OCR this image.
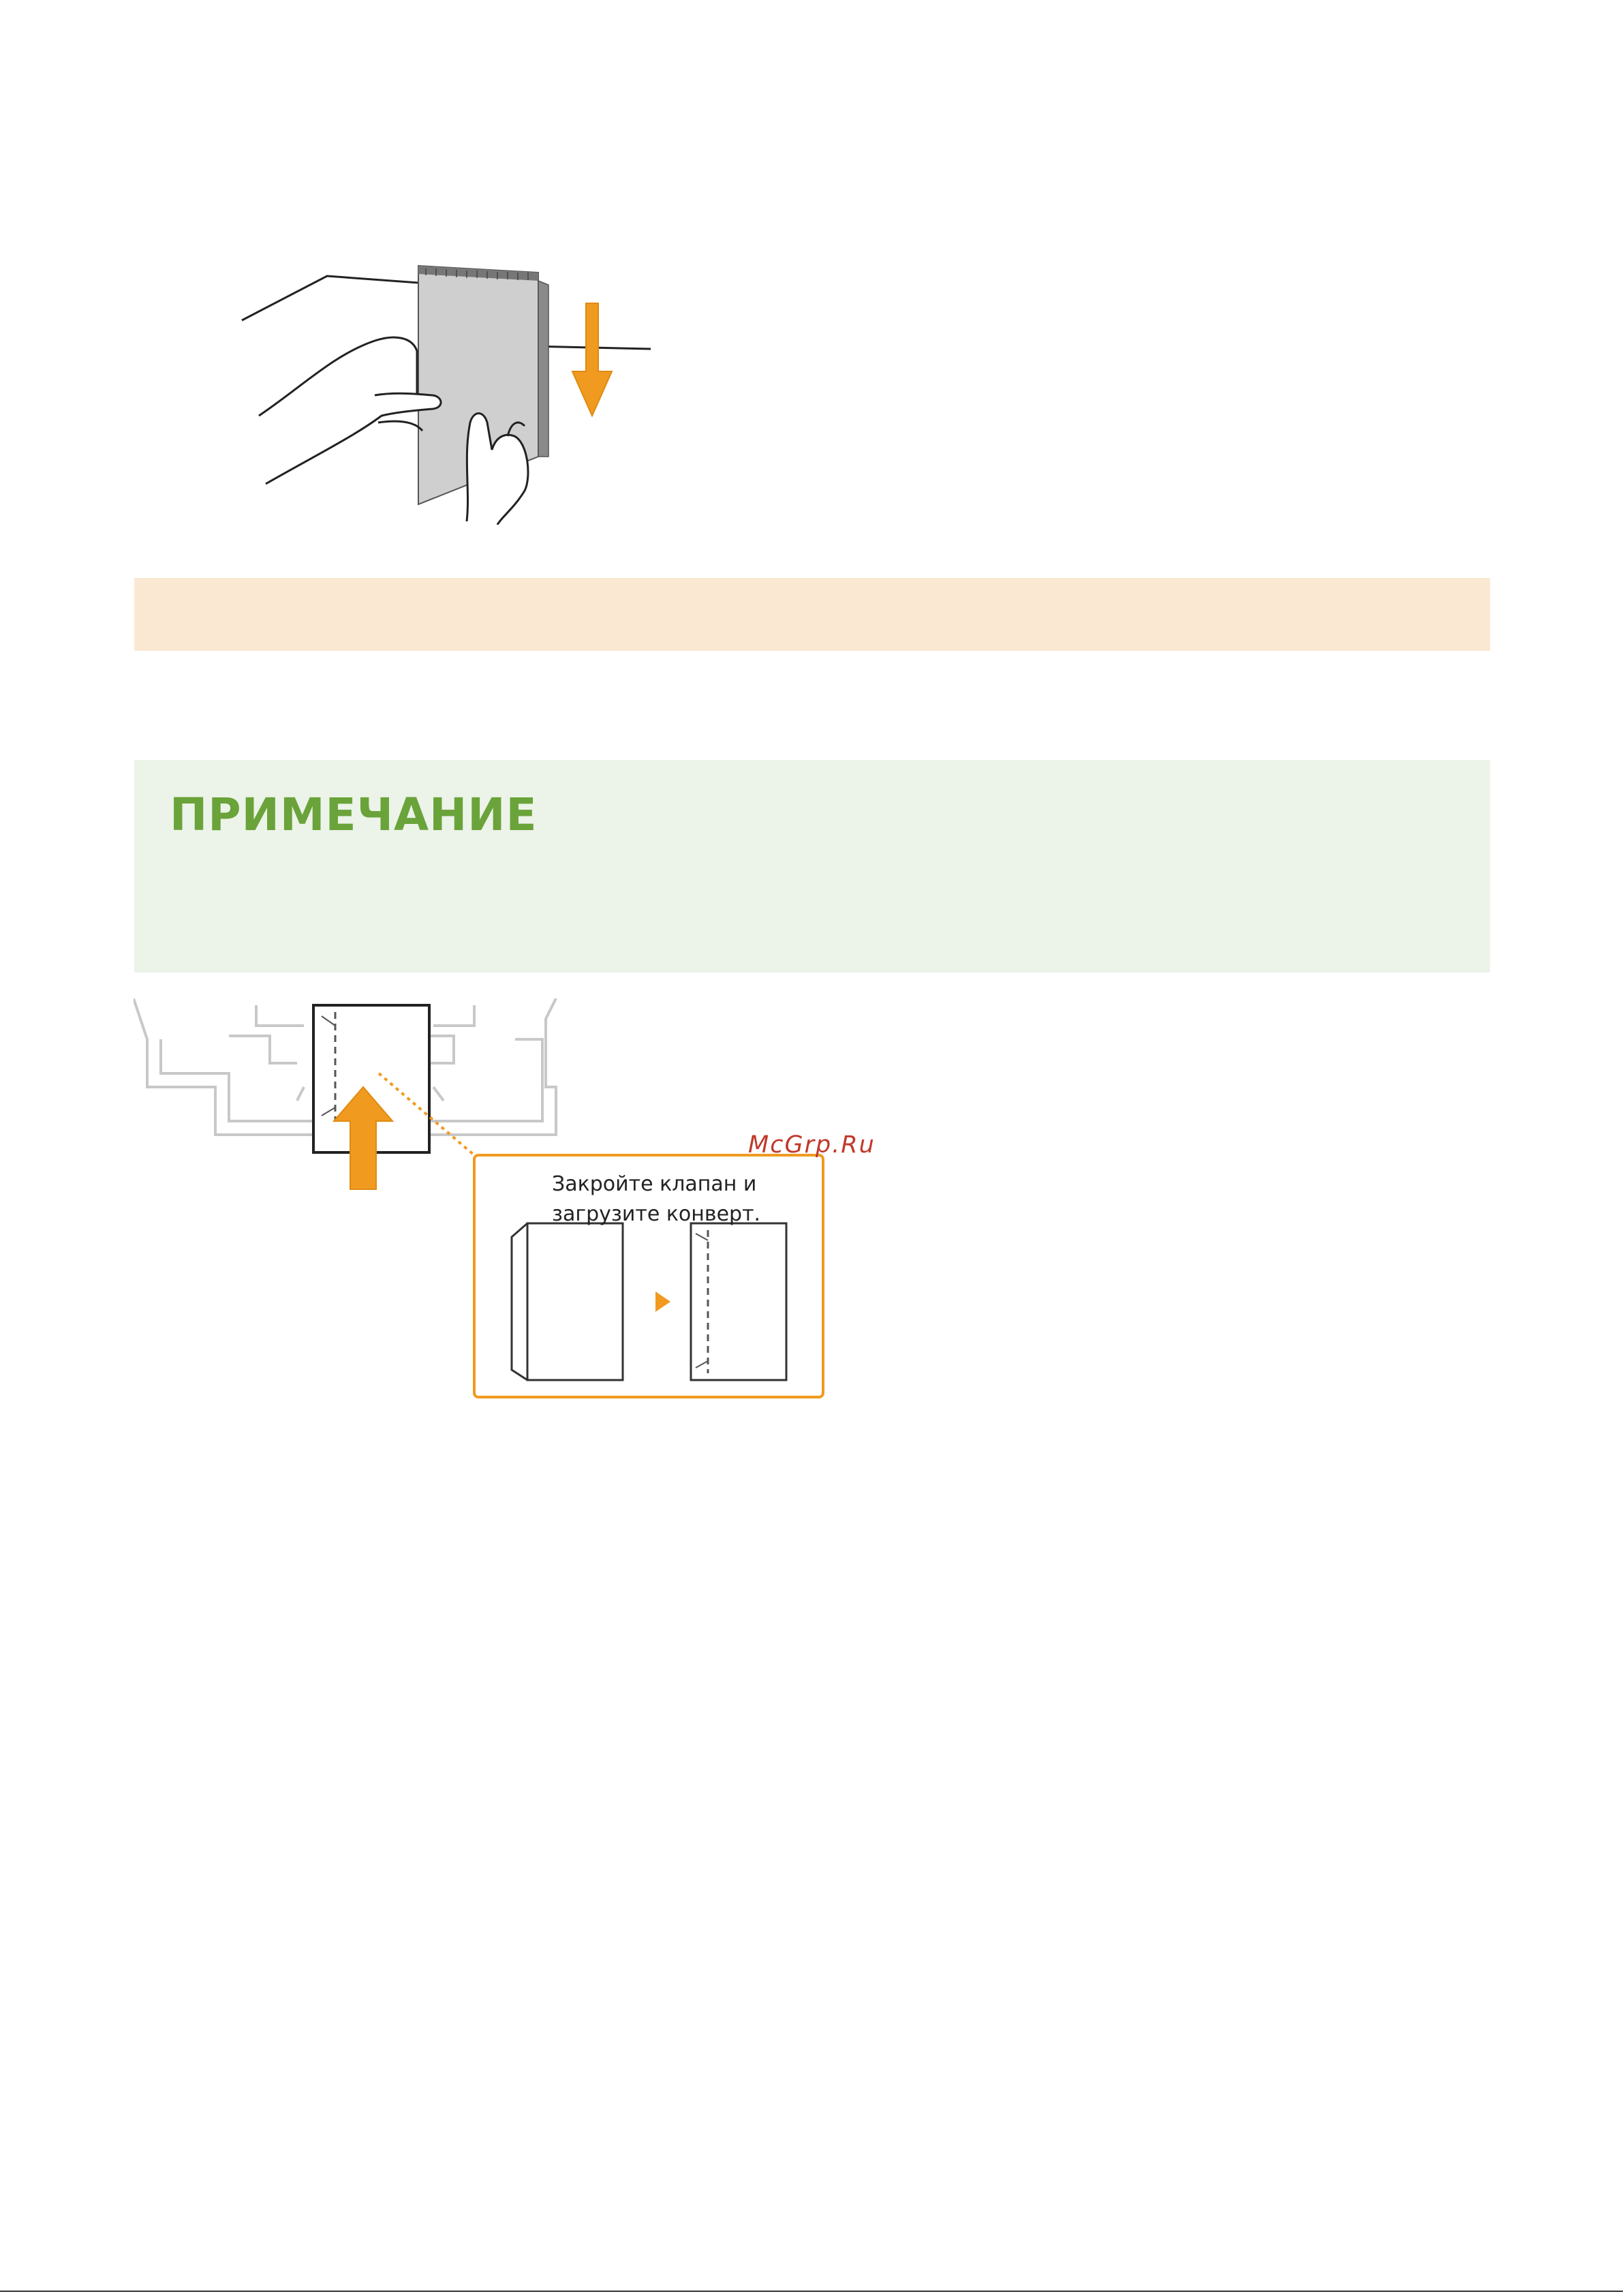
ПРИМЕЧАНИЕ
Закройте клапан и
загрузите конверт.
McGrp.Ru
